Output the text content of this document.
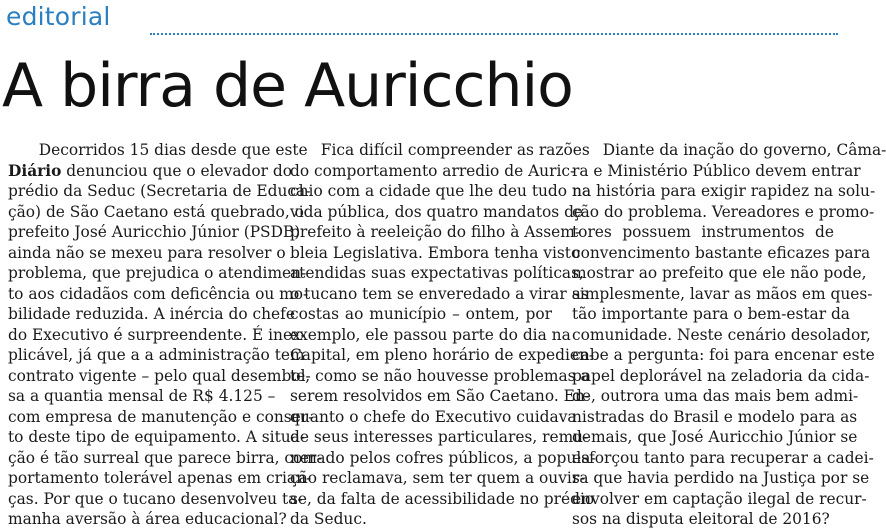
editorial
A birra de Auricchio
  Decorridos 15 dias desde que este
Diário denunciou que o elevador do
prédio da Seduc (Secretaria de Educa-
ção) de São Caetano está quebrado, o
prefeito José Auricchio Júnior (PSDB)
ainda não se mexeu para resolver o
problema, que prejudica o atendimen-
to aos cidadãos com deficência ou mo-
bilidade reduzida. A inércia do chefe
do Executivo é surpreendente. É inex-
plicável, já que a a administração tem
contrato vigente – pelo qual desembol-
sa a quantia mensal de R$ 4.125 –
com empresa de manutenção e conser-
to deste tipo de equipamento. A situa-
ção é tão surreal que parece birra, com-
portamento tolerável apenas em crian-
ças. Por que o tucano desenvolveu ta-
manha aversão à área educacional?
  Fica difícil compreender as razões
do comportamento arredio de Auric-
chio com a cidade que lhe deu tudo na
vida pública, dos quatro mandatos de
prefeito à reeleição do filho à Assem-
bleia Legislativa. Embora tenha visto
atendidas suas expectativas políticas,
o tucano tem se enveredado a virar as
costas ao município – ontem, por
exemplo, ele passou parte do dia na
Capital, em pleno horário de expedien-
te, como se não houvesse problemas a
serem resolvidos em São Caetano. En-
quanto o chefe do Executivo cuidava
de seus interesses particulares, remu-
nerado pelos cofres públicos, a popula-
ção reclamava, sem ter quem a ouvis-
se, da falta de acessibilidade no prédio
da Seduc.
  Diante da inação do governo, Câma-
ra e Ministério Público devem entrar
na história para exigir rapidez na solu-
ção do problema. Vereadores e promo-
tores possuem instrumentos de
convencimento bastante eficazes para
mostrar ao prefeito que ele não pode,
simplesmente, lavar as mãos em ques-
tão importante para o bem-estar da
comunidade. Neste cenário desolador,
cabe a pergunta: foi para encenar este
papel deplorável na zeladoria da cida-
de, outrora uma das mais bem admi-
nistradas do Brasil e modelo para as
demais, que José Auricchio Júnior se
esforçou tanto para recuperar a cadei-
ra que havia perdido na Justiça por se
envolver em captação ilegal de recur-
sos na disputa eleitoral de 2016?
